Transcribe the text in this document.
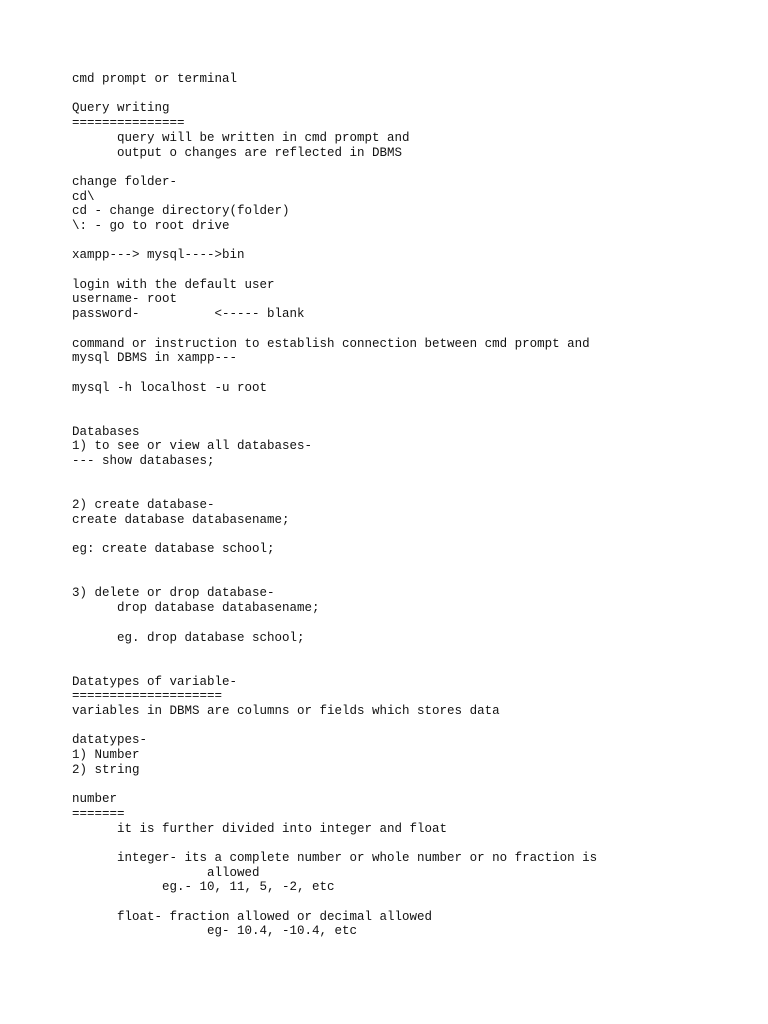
cmd prompt or terminal
Query writing
===============
query will be written in cmd prompt and
output o changes are reflected in DBMS
change folder-
cd\
cd - change directory(folder)
\: - go to root drive
xampp---> mysql---->bin
login with the default user
username- root
password-          <----- blank
command or instruction to establish connection between cmd prompt and
mysql DBMS in xampp---
mysql -h localhost -u root
Databases
1) to see or view all databases-
--- show databases;
2) create database-
create database databasename;
eg: create database school;
3) delete or drop database-
drop database databasename;
eg. drop database school;
Datatypes of variable-
====================
variables in DBMS are columns or fields which stores data
datatypes-
1) Number
2) string
number
=======
it is further divided into integer and float
integer- its a complete number or whole number or no fraction is
allowed
eg.- 10, 11, 5, -2, etc
float- fraction allowed or decimal allowed
eg- 10.4, -10.4, etc
